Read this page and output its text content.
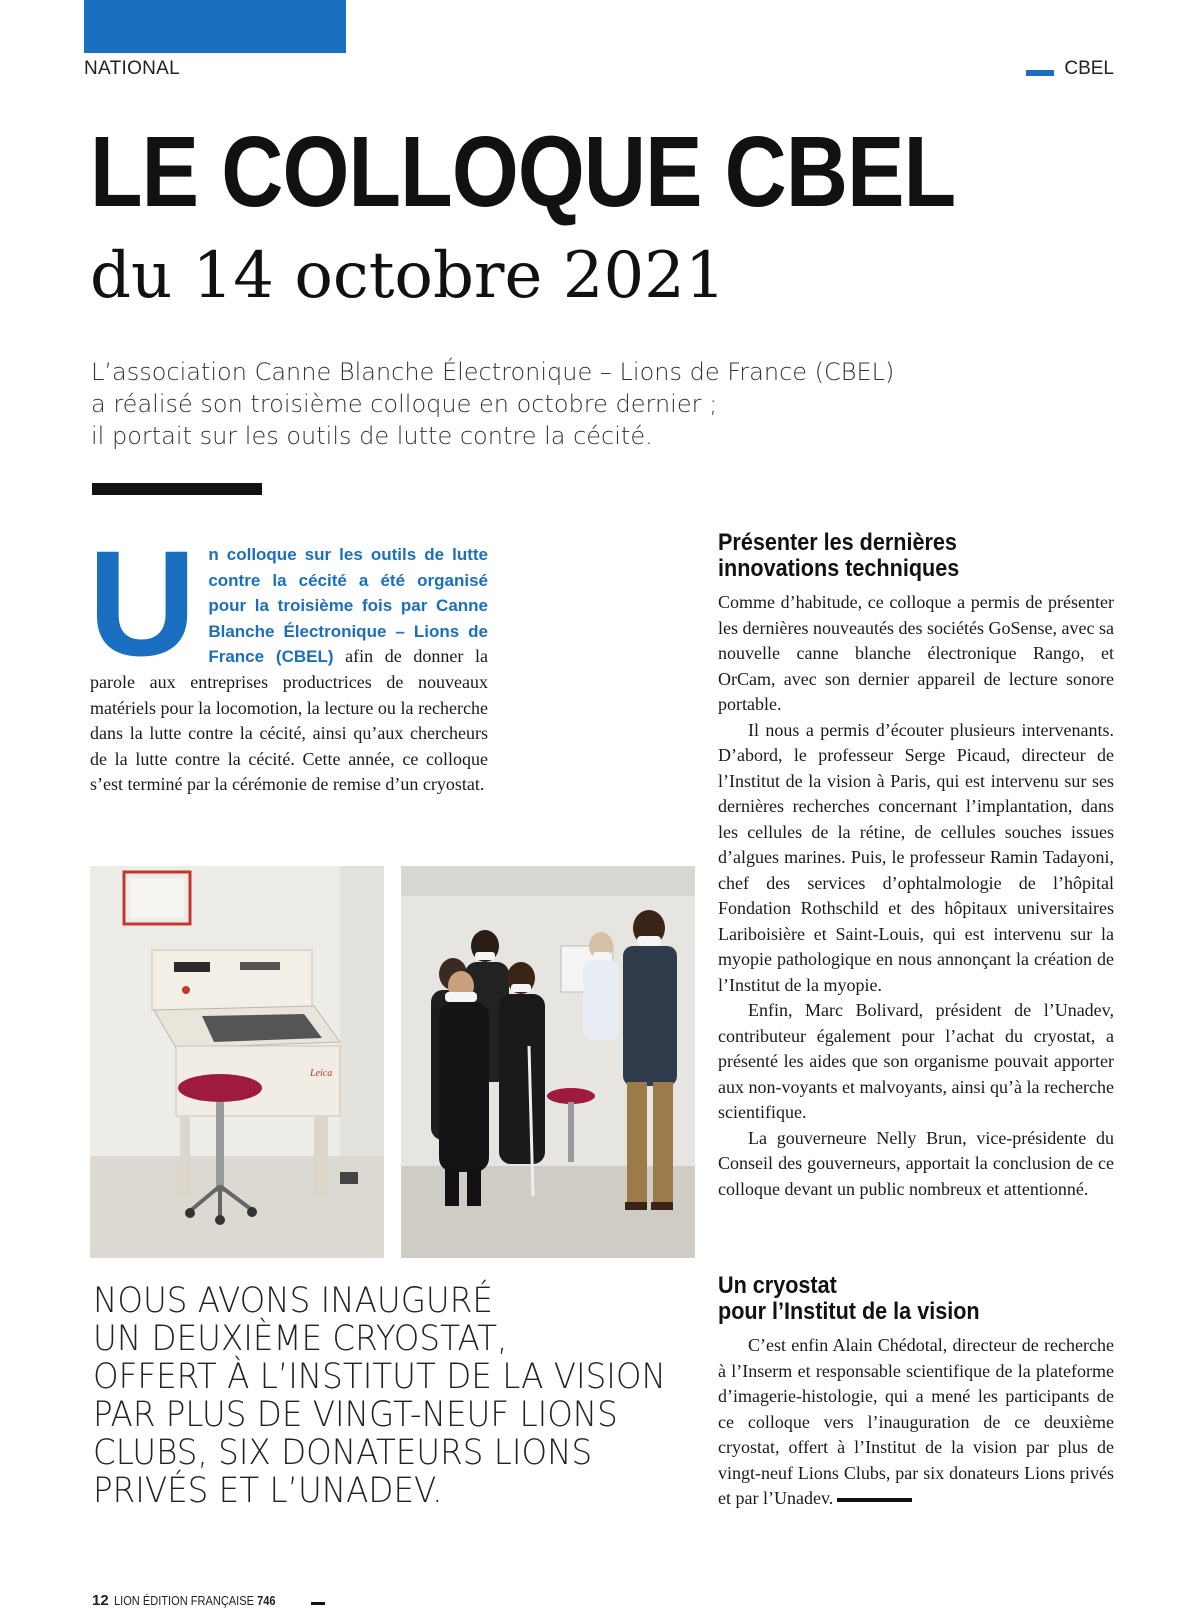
NATIONAL	CBEL
LE COLLOQUE CBEL
du 14 octobre 2021
L’association Canne Blanche Électronique – Lions de France (CBEL)
a réalisé son troisième colloque en octobre dernier ;
il portait sur les outils de lutte contre la cécité.
Un colloque sur les outils de lutte contre la cécité a été organisé pour la troisième fois par Canne Blanche Électronique – Lions de France (CBEL) afin de donner la parole aux entreprises productrices de nouveaux matériels pour la locomotion, la lecture ou la recherche dans la lutte contre la cécité, ainsi qu’aux chercheurs de la lutte contre la cécité. Cette année, ce colloque s’est terminé par la cérémonie de remise d’un cryostat.
Leica
NOUS AVONS INAUGURÉ
UN DEUXIÈME CRYOSTAT,
OFFERT À L’INSTITUT DE LA VISION
PAR PLUS DE VINGT-NEUF LIONS
CLUBS, SIX DONATEURS LIONS
PRIVÉS ET L’UNADEV.
Présenter les dernières
innovations techniques

Comme d’habitude, ce colloque a permis de présenter les dernières nouveautés des sociétés GoSense, avec sa nouvelle canne blanche électronique Rango, et OrCam, avec son dernier appareil de lecture sonore portable.

Il nous a permis d’écouter plusieurs intervenants. D’abord, le professeur Serge Picaud, directeur de l’Institut de la vision à Paris, qui est intervenu sur ses dernières recherches concernant l’implantation, dans les cellules de la rétine, de cellules souches issues d’algues marines. Puis, le professeur Ramin Tadayoni, chef des services d’ophtalmologie de l’hôpital Fondation Rothschild et des hôpitaux universitaires Lariboisière et Saint-Louis, qui est intervenu sur la myopie pathologique en nous annonçant la création de l’Institut de la myopie.

Enfin, Marc Bolivard, président de l’Unadev, contributeur également pour l’achat du cryostat, a présenté les aides que son organisme pouvait apporter aux non-voyants et malvoyants, ainsi qu’à la recherche scientifique.

La gouverneure Nelly Brun, vice-présidente du Conseil des gouverneurs, apportait la conclusion de ce colloque devant un public nombreux et attentionné.

Un cryostat
pour l’Institut de la vision

C’est enfin Alain Chédotal, directeur de recherche à l’Inserm et responsable scientifique de la plateforme d’imagerie-histologie, qui a mené les participants de ce colloque vers l’inauguration de ce deuxième cryostat, offert à l’Institut de la vision par plus de vingt-neuf Lions Clubs, par six donateurs Lions privés et par l’Unadev.

12 LION ÉDITION FRANÇAISE 746
